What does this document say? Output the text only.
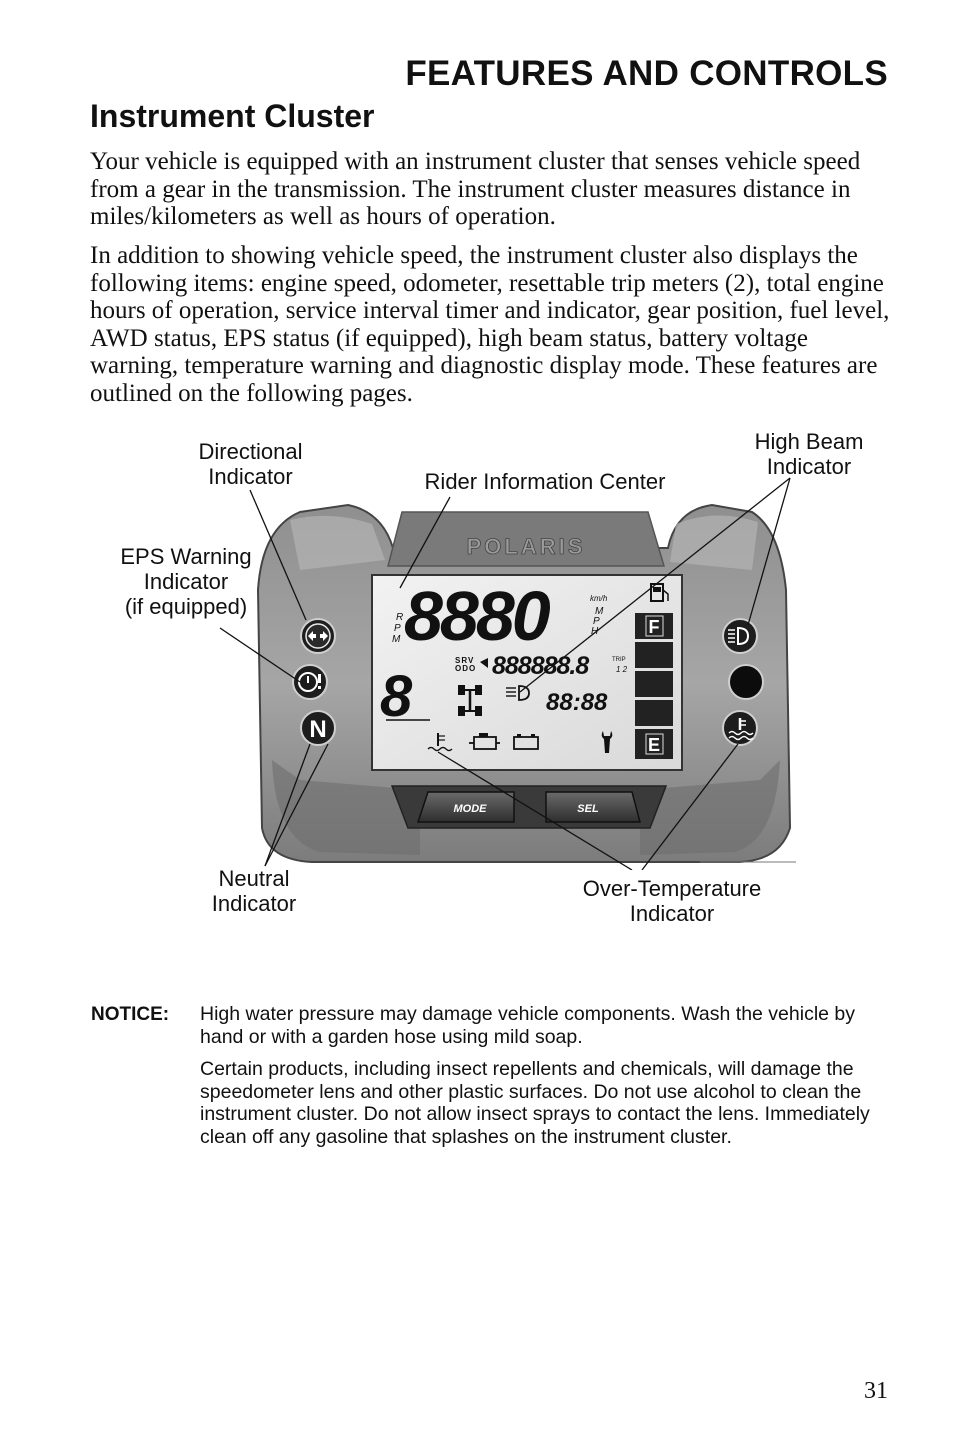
FEATURES AND CONTROLS
Instrument Cluster

Your vehicle is equipped with an instrument cluster that senses vehicle speed from a gear in the transmission. The instrument cluster measures distance in miles/kilometers as well as hours of operation.

In addition to showing vehicle speed, the instrument cluster also displays the following items: engine speed, odometer, resettable trip meters (2), total engine hours of operation, service interval timer and indicator, gear position, fuel level, AWD status, EPS status (if equipped), high beam status, battery voltage warning, temperature warning and diagnostic display mode. These features are outlined on the following pages.

Directional
Indicator	Rider Information Center
High Beam
Indicator
EPS Warning
Indicator
(if equipped)
Neutral
Indicator
Over-Temperature
Indicator
POLARIS
N
R P M 8880	km/h
M P H	F
E
8
SRV
ODO 888888.8	TRIP
1 2
88:88
MODE	SEL
NOTICE: High water pressure may damage vehicle components. Wash the vehicle by hand or with a garden hose using mild soap.

Certain products, including insect repellents and chemicals, will damage the speedometer lens and other plastic surfaces. Do not use alcohol to clean the instrument cluster. Do not allow insect sprays to contact the lens. Immediately clean off any gasoline that splashes on the instrument cluster.

31
